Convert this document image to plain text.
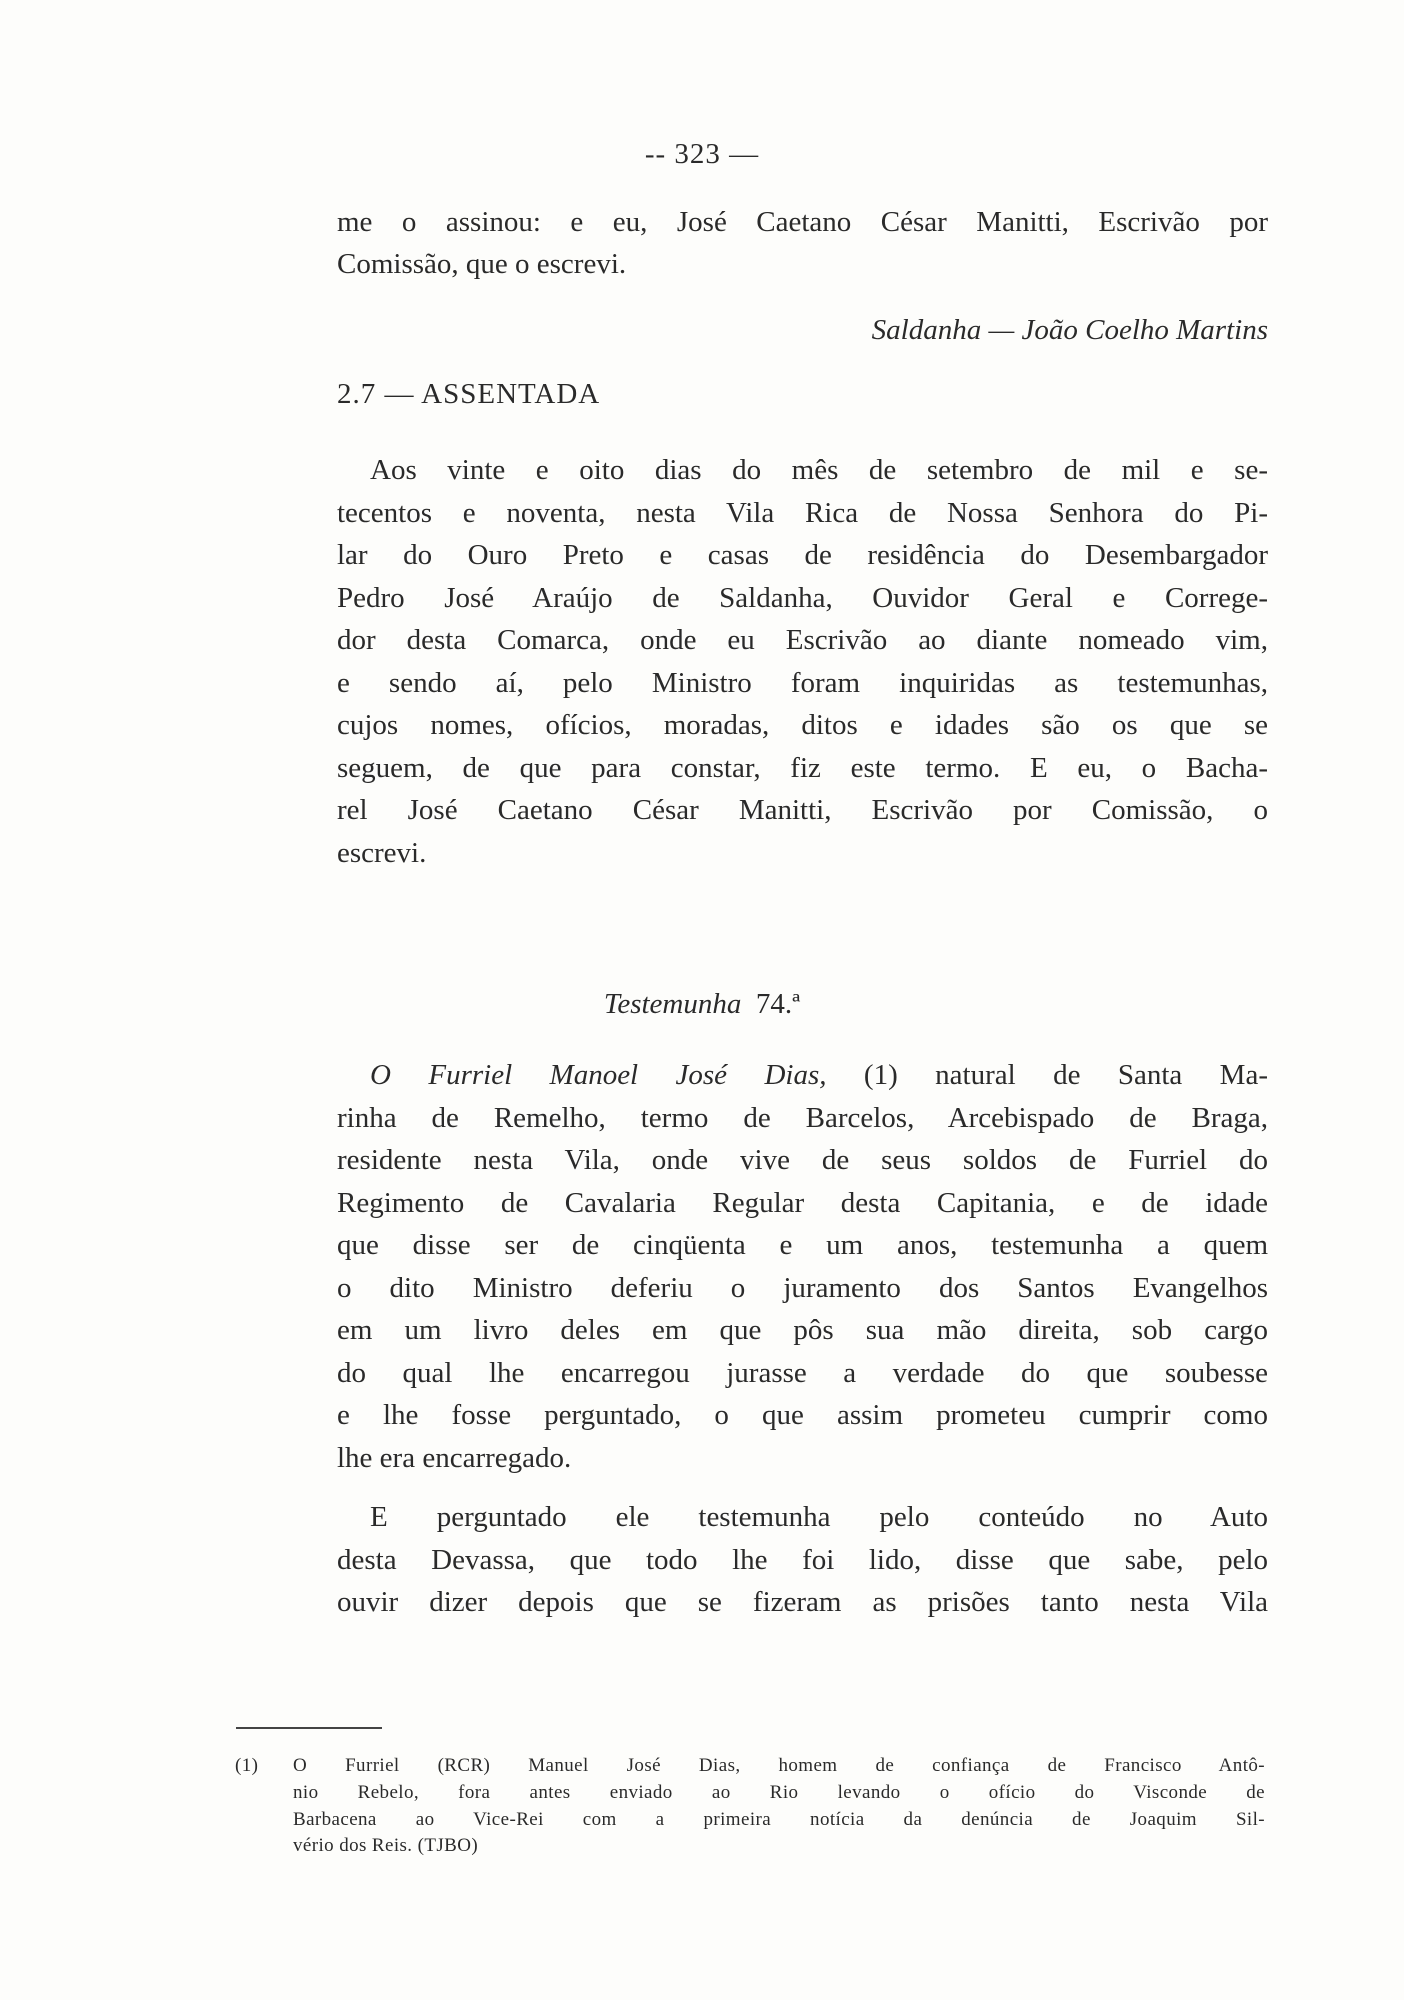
-- 323 —
me o assinou: e eu, José Caetano César Manitti, Escrivão por
Comissão, que o escrevi.
Saldanha — João Coelho Martins
2.7 — ASSENTADA
Aos vinte e oito dias do mês de setembro de mil e se-
tecentos e noventa, nesta Vila Rica de Nossa Senhora do Pi-
lar do Ouro Preto e casas de residência do Desembargador
Pedro José Araújo de Saldanha, Ouvidor Geral e Correge-
dor desta Comarca, onde eu Escrivão ao diante nomeado vim,
e sendo aí, pelo Ministro foram inquiridas as testemunhas,
cujos nomes, ofícios, moradas, ditos e idades são os que se
seguem, de que para constar, fiz este termo. E eu, o Bacha-
rel José Caetano César Manitti, Escrivão por Comissão, o
escrevi.
Testemunha 74.ª
O Furriel Manoel José Dias, (1) natural de Santa Ma-
rinha de Remelho, termo de Barcelos, Arcebispado de Braga,
residente nesta Vila, onde vive de seus soldos de Furriel do
Regimento de Cavalaria Regular desta Capitania, e de idade
que disse ser de cinqüenta e um anos, testemunha a quem
o dito Ministro deferiu o juramento dos Santos Evangelhos
em um livro deles em que pôs sua mão direita, sob cargo
do qual lhe encarregou jurasse a verdade do que soubesse
e lhe fosse perguntado, o que assim prometeu cumprir como
lhe era encarregado.
E perguntado ele testemunha pelo conteúdo no Auto
desta Devassa, que todo lhe foi lido, disse que sabe, pelo
ouvir dizer depois que se fizeram as prisões tanto nesta Vila
(1) O Furriel (RCR) Manuel José Dias, homem de confiança de Francisco Antô-
nio Rebelo, fora antes enviado ao Rio levando o ofício do Visconde de
Barbacena ao Vice-Rei com a primeira notícia da denúncia de Joaquim Sil-
vério dos Reis. (TJBO)
